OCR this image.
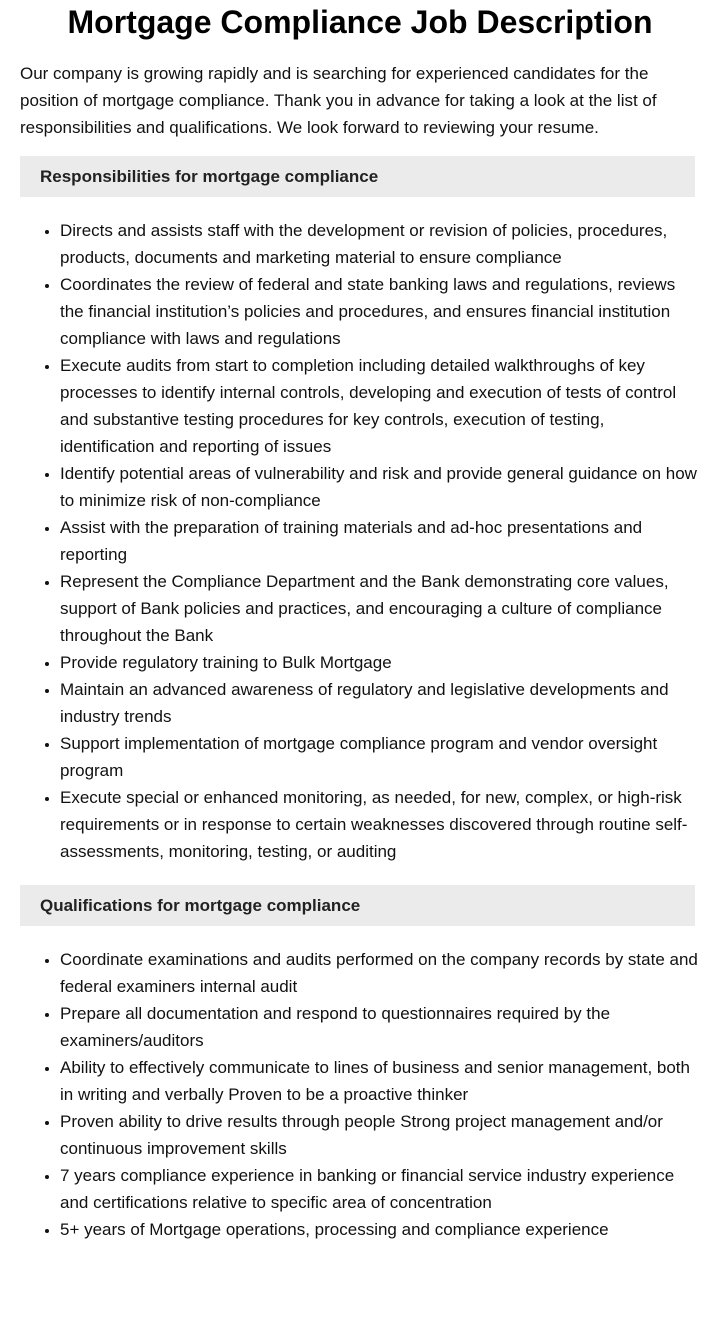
Mortgage Compliance Job Description

Our company is growing rapidly and is searching for experienced candidates for the position of mortgage compliance. Thank you in advance for taking a look at the list of responsibilities and qualifications. We look forward to reviewing your resume.

Responsibilities for mortgage compliance
• Directs and assists staff with the development or revision of policies, procedures, products, documents and marketing material to ensure compliance
• Coordinates the review of federal and state banking laws and regulations, reviews the financial institution’s policies and procedures, and ensures financial institution compliance with laws and regulations
• Execute audits from start to completion including detailed walkthroughs of key processes to identify internal controls, developing and execution of tests of control and substantive testing procedures for key controls, execution of testing, identification and reporting of issues
• Identify potential areas of vulnerability and risk and provide general guidance on how to minimize risk of non-compliance
• Assist with the preparation of training materials and ad-hoc presentations and reporting
• Represent the Compliance Department and the Bank demonstrating core values, support of Bank policies and practices, and encouraging a culture of compliance throughout the Bank
• Provide regulatory training to Bulk Mortgage
• Maintain an advanced awareness of regulatory and legislative developments and industry trends
• Support implementation of mortgage compliance program and vendor oversight program
• Execute special or enhanced monitoring, as needed, for new, complex, or high-risk requirements or in response to certain weaknesses discovered through routine self-assessments, monitoring, testing, or auditing
Qualifications for mortgage compliance
• Coordinate examinations and audits performed on the company records by state and federal examiners internal audit
• Prepare all documentation and respond to questionnaires required by the examiners/auditors
• Ability to effectively communicate to lines of business and senior management, both in writing and verbally Proven to be a proactive thinker
• Proven ability to drive results through people Strong project management and/or continuous improvement skills
• 7 years compliance experience in banking or financial service industry experience and certifications relative to specific area of concentration
• 5+ years of Mortgage operations, processing and compliance experience
